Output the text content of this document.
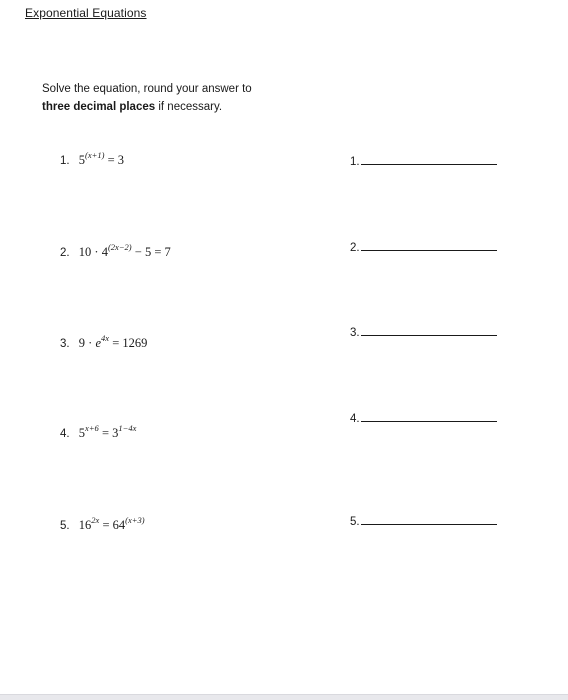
Exponential Equations
Solve the equation, round your answer to
three decimal places if necessary.
1. $5^{(x+1)} = 3$	1.
2. $10 \cdot 4^{(2x-2)} - 5 = 7$	2.
3. $9 \cdot e^{4x} = 1269$
3.
4. $5^{x+6} = 3^{1-4x}$
4.
5. $16^{2x} = 64^{(x+3)}$	5.
